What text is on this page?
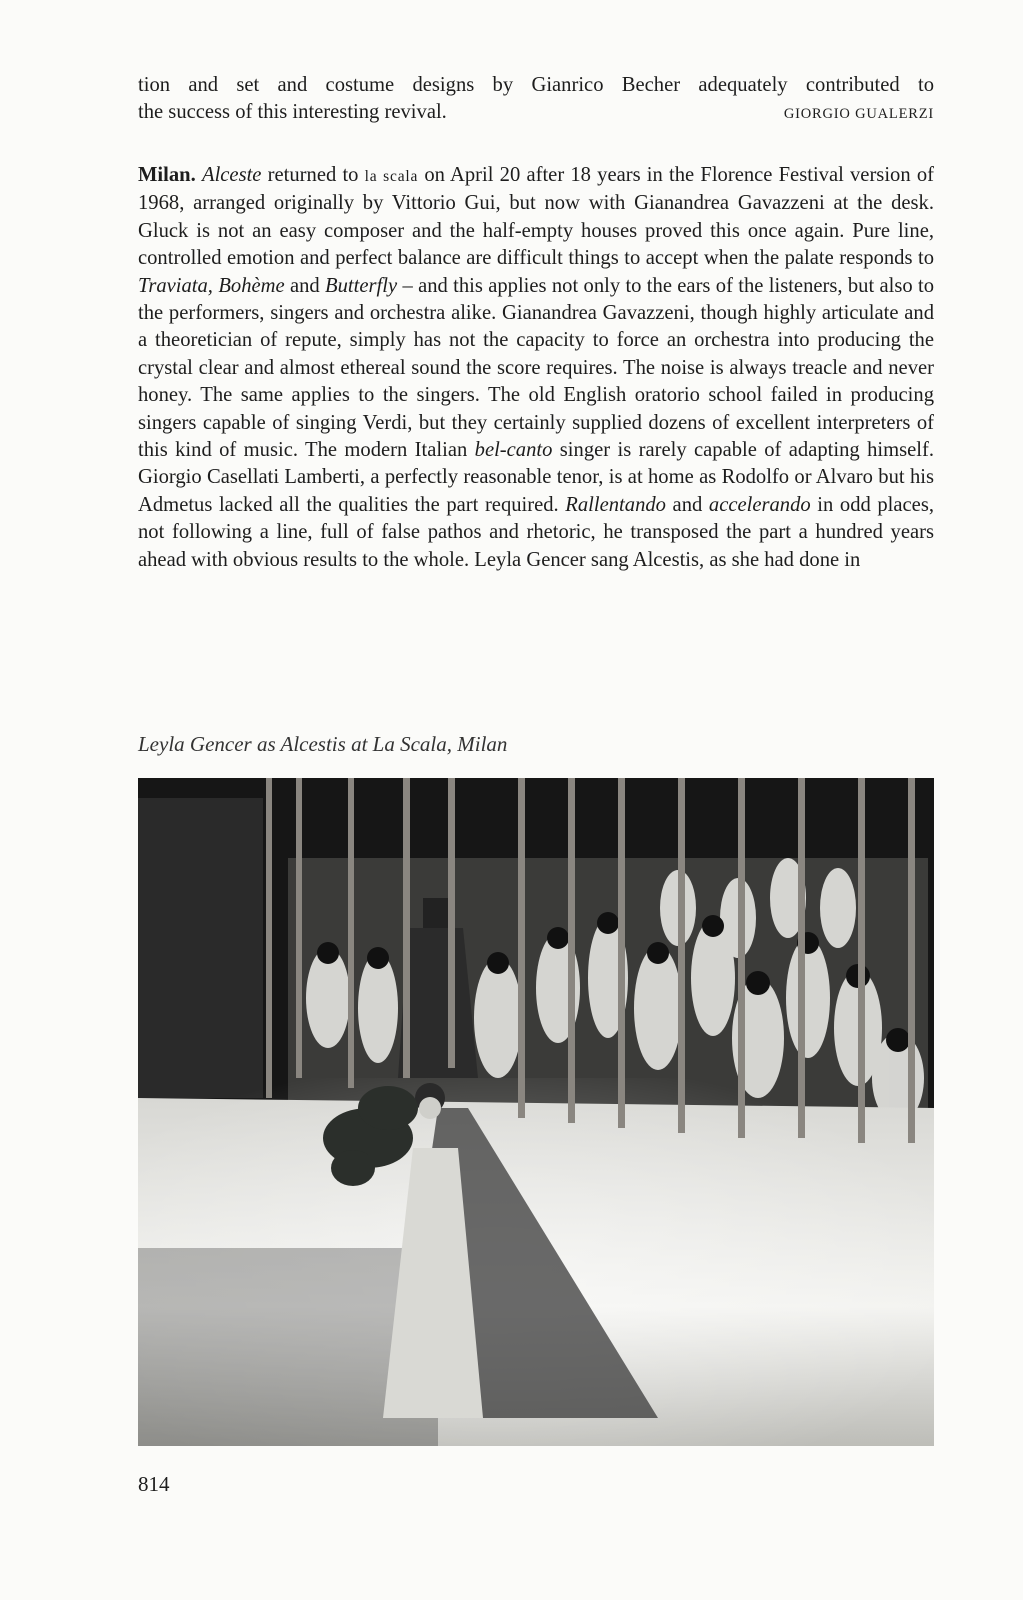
tion and set and costume designs by Gianrico Becher adequately contributed to
the success of this interesting revival.	GIORGIO GUALERZI
Milan. Alceste returned to la scala on April 20 after 18 years in the Florence Festival version of 1968, arranged originally by Vittorio Gui, but now with Gianandrea Gavazzeni at the desk. Gluck is not an easy composer and the half-empty houses proved this once again. Pure line, controlled emotion and perfect balance are difficult things to accept when the palate responds to Traviata, Bohème and Butterfly – and this applies not only to the ears of the listeners, but also to the performers, singers and orchestra alike. Gianandrea Gavazzeni, though highly articulate and a theoretician of repute, simply has not the capacity to force an orchestra into producing the crystal clear and almost ethereal sound the score requires. The noise is always treacle and never honey. The same applies to the singers. The old English oratorio school failed in producing singers capable of singing Verdi, but they certainly supplied dozens of excellent interpreters of this kind of music. The modern Italian bel-canto singer is rarely capable of adapting himself. Giorgio Casellati Lamberti, a perfectly reasonable tenor, is at home as Rodolfo or Alvaro but his Admetus lacked all the qualities the part required. Rallentando and accelerando in odd places, not following a line, full of false pathos and rhetoric, he transposed the part a hundred years ahead with obvious results to the whole. Leyla Gencer sang Alcestis, as she had done in
Leyla Gencer as Alcestis at La Scala, Milan
814
